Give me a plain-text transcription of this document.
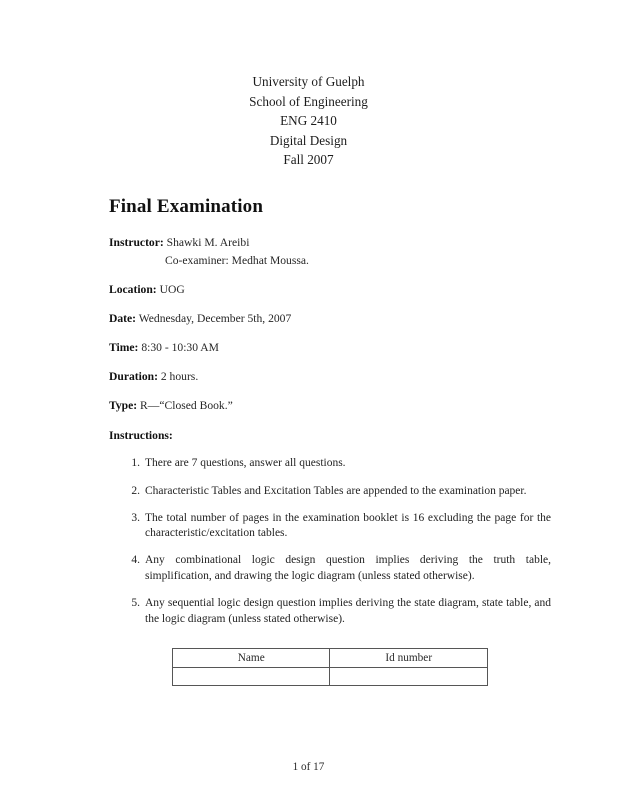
University of Guelph
School of Engineering
ENG 2410
Digital Design
Fall 2007
Final Examination
Instructor: Shawki M. Areibi
Co-examiner: Medhat Moussa.
Location: UOG
Date: Wednesday, December 5th, 2007
Time: 8:30 - 10:30 AM
Duration: 2 hours.
Type: R—“Closed Book.”
Instructions:
1. There are 7 questions, answer all questions.
2. Characteristic Tables and Excitation Tables are appended to the examination paper.
3. The total number of pages in the examination booklet is 16 excluding the page for the characteristic/excitation tables.
4. Any combinational logic design question implies deriving the truth table, simplification, and drawing the logic diagram (unless stated otherwise).
5. Any sequential logic design question implies deriving the state diagram, state table, and the logic diagram (unless stated otherwise).
Name	Id number

1 of 17
